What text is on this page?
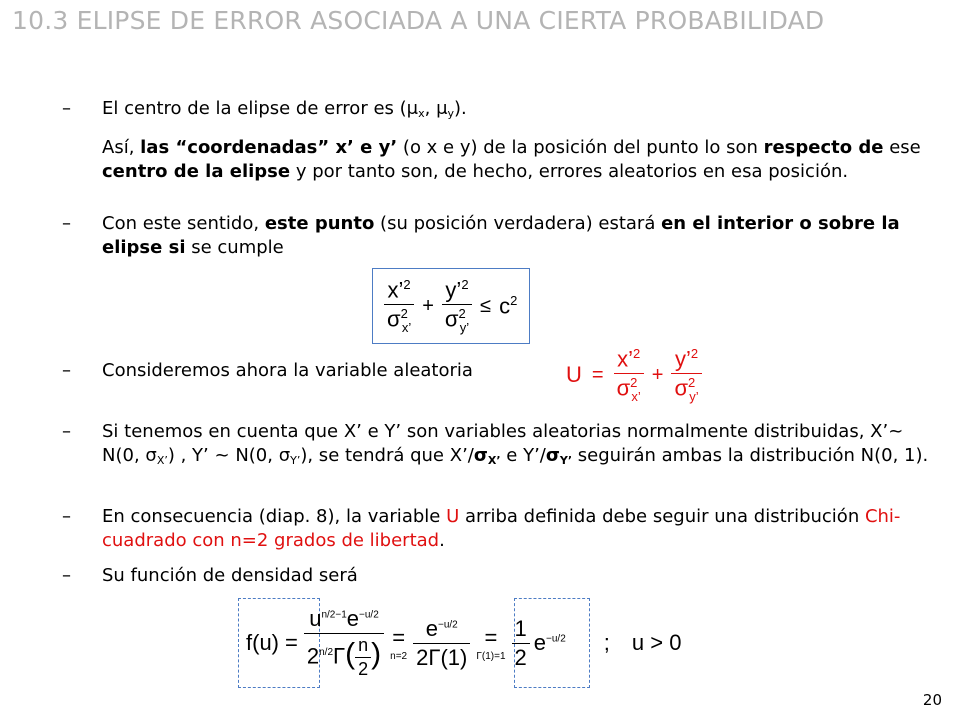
10.3 ELIPSE DE ERROR ASOCIADA A UNA CIERTA PROBABILIDAD
– El centro de la elipse de error es ($\mu_x$, $\mu_y$).
Así, las “coordenadas” x’ e y’ (o x e y) de la posición del punto lo son respecto de ese centro de la elipse y por tanto son, de hecho, errores aleatorios en esa posición.
– Con este sentido, este punto (su posición verdadera) estará en el interior o sobre la elipse si se cumple
$\frac{x’^2}{\sigma^2_{x’}} + \frac{y’^2}{\sigma^2_{y’}} \le c^2$
– Consideremos ahora la variable aleatoria	$U = \frac{x’^2}{\sigma^2_{x’}} + \frac{y’^2}{\sigma^2_{y’}}$
– Si tenemos en cuenta que X’ e Y’ son variables aleatorias normalmente distribuidas, X’~ N(0, $\sigma_{X’}$) , Y’ ~ N(0, $\sigma_{Y’}$), se tendrá que $X’/\sigma_{X’}$ e $Y’/\sigma_{Y’}$ seguirán ambas la distribución N(0, 1).
– En consecuencia (diap. 8), la variable U arriba definida debe seguir una distribución Chi-cuadrado con n=2 grados de libertad.
– Su función de densidad será
$f(u) = \frac{u^{n/2-1}e^{-u/2}}{2^{n/2}\Gamma( \frac{n}{2} )}$ =
$n=2 \frac{e^{-u/2}}{2\Gamma(1)}$ =
$\Gamma(1)=1 \frac{1}{2} e^{-u/2}$ ; u > 0
20
